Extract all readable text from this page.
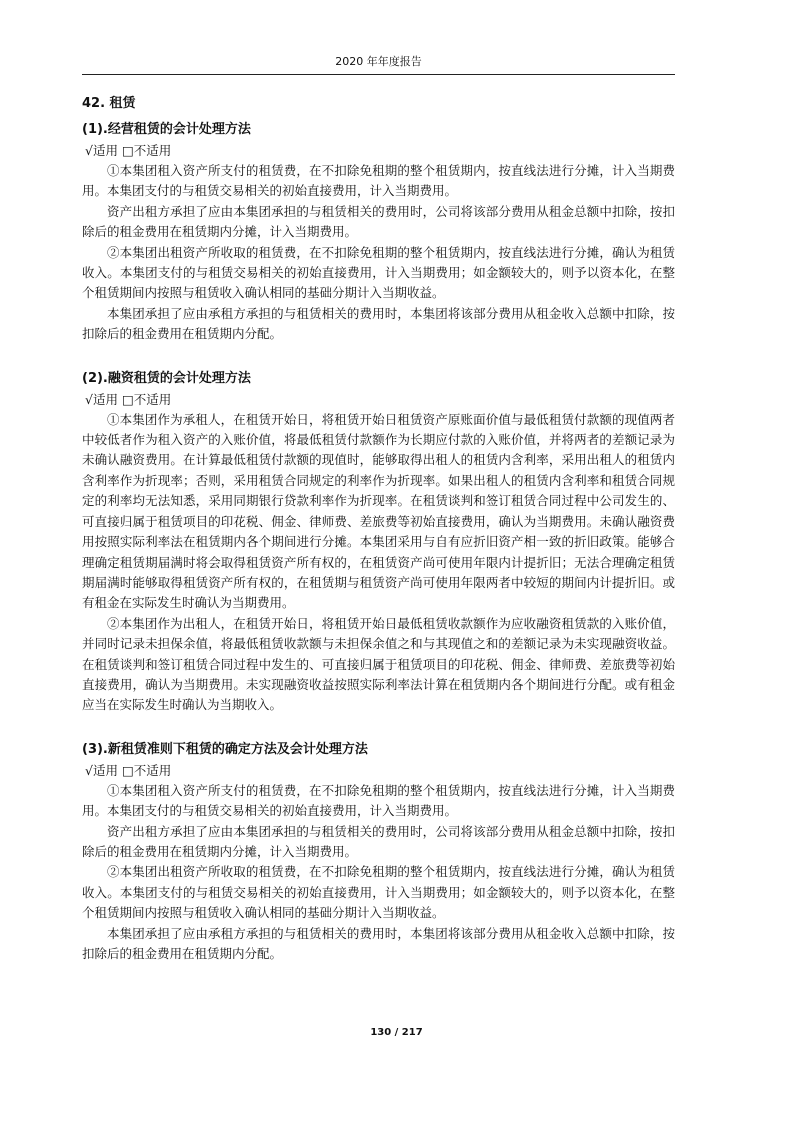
2020 年年度报告

42. 租赁

(1).经营租赁的会计处理方法

√适用 □不适用

①本集团租入资产所支付的租赁费，在不扣除免租期的整个租赁期内，按直线法进行分摊，计入当期费用。本集团支付的与租赁交易相关的初始直接费用，计入当期费用。

资产出租方承担了应由本集团承担的与租赁相关的费用时，公司将该部分费用从租金总额中扣除，按扣除后的租金费用在租赁期内分摊，计入当期费用。

②本集团出租资产所收取的租赁费，在不扣除免租期的整个租赁期内，按直线法进行分摊，确认为租赁收入。本集团支付的与租赁交易相关的初始直接费用，计入当期费用；如金额较大的，则予以资本化，在整个租赁期间内按照与租赁收入确认相同的基础分期计入当期收益。

本集团承担了应由承租方承担的与租赁相关的费用时，本集团将该部分费用从租金收入总额中扣除，按扣除后的租金费用在租赁期内分配。

(2).融资租赁的会计处理方法

√适用 □不适用

①本集团作为承租人，在租赁开始日，将租赁开始日租赁资产原账面价值与最低租赁付款额的现值两者中较低者作为租入资产的入账价值，将最低租赁付款额作为长期应付款的入账价值，并将两者的差额记录为未确认融资费用。在计算最低租赁付款额的现值时，能够取得出租人的租赁内含利率，采用出租人的租赁内含利率作为折现率；否则，采用租赁合同规定的利率作为折现率。如果出租人的租赁内含利率和租赁合同规定的利率均无法知悉，采用同期银行贷款利率作为折现率。在租赁谈判和签订租赁合同过程中公司发生的、可直接归属于租赁项目的印花税、佣金、律师费、差旅费等初始直接费用，确认为当期费用。未确认融资费用按照实际利率法在租赁期内各个期间进行分摊。本集团采用与自有应折旧资产相一致的折旧政策。能够合理确定租赁期届满时将会取得租赁资产所有权的，在租赁资产尚可使用年限内计提折旧；无法合理确定租赁期届满时能够取得租赁资产所有权的，在租赁期与租赁资产尚可使用年限两者中较短的期间内计提折旧。或有租金在实际发生时确认为当期费用。

②本集团作为出租人，在租赁开始日，将租赁开始日最低租赁收款额作为应收融资租赁款的入账价值，并同时记录未担保余值，将最低租赁收款额与未担保余值之和与其现值之和的差额记录为未实现融资收益。在租赁谈判和签订租赁合同过程中发生的、可直接归属于租赁项目的印花税、佣金、律师费、差旅费等初始直接费用，确认为当期费用。未实现融资收益按照实际利率法计算在租赁期内各个期间进行分配。或有租金应当在实际发生时确认为当期收入。

(3).新租赁准则下租赁的确定方法及会计处理方法

√适用 □不适用

①本集团租入资产所支付的租赁费，在不扣除免租期的整个租赁期内，按直线法进行分摊，计入当期费用。本集团支付的与租赁交易相关的初始直接费用，计入当期费用。

资产出租方承担了应由本集团承担的与租赁相关的费用时，公司将该部分费用从租金总额中扣除，按扣除后的租金费用在租赁期内分摊，计入当期费用。

②本集团出租资产所收取的租赁费，在不扣除免租期的整个租赁期内，按直线法进行分摊，确认为租赁收入。本集团支付的与租赁交易相关的初始直接费用，计入当期费用；如金额较大的，则予以资本化，在整个租赁期间内按照与租赁收入确认相同的基础分期计入当期收益。

本集团承担了应由承租方承担的与租赁相关的费用时，本集团将该部分费用从租金收入总额中扣除，按扣除后的租金费用在租赁期内分配。

130 / 217
